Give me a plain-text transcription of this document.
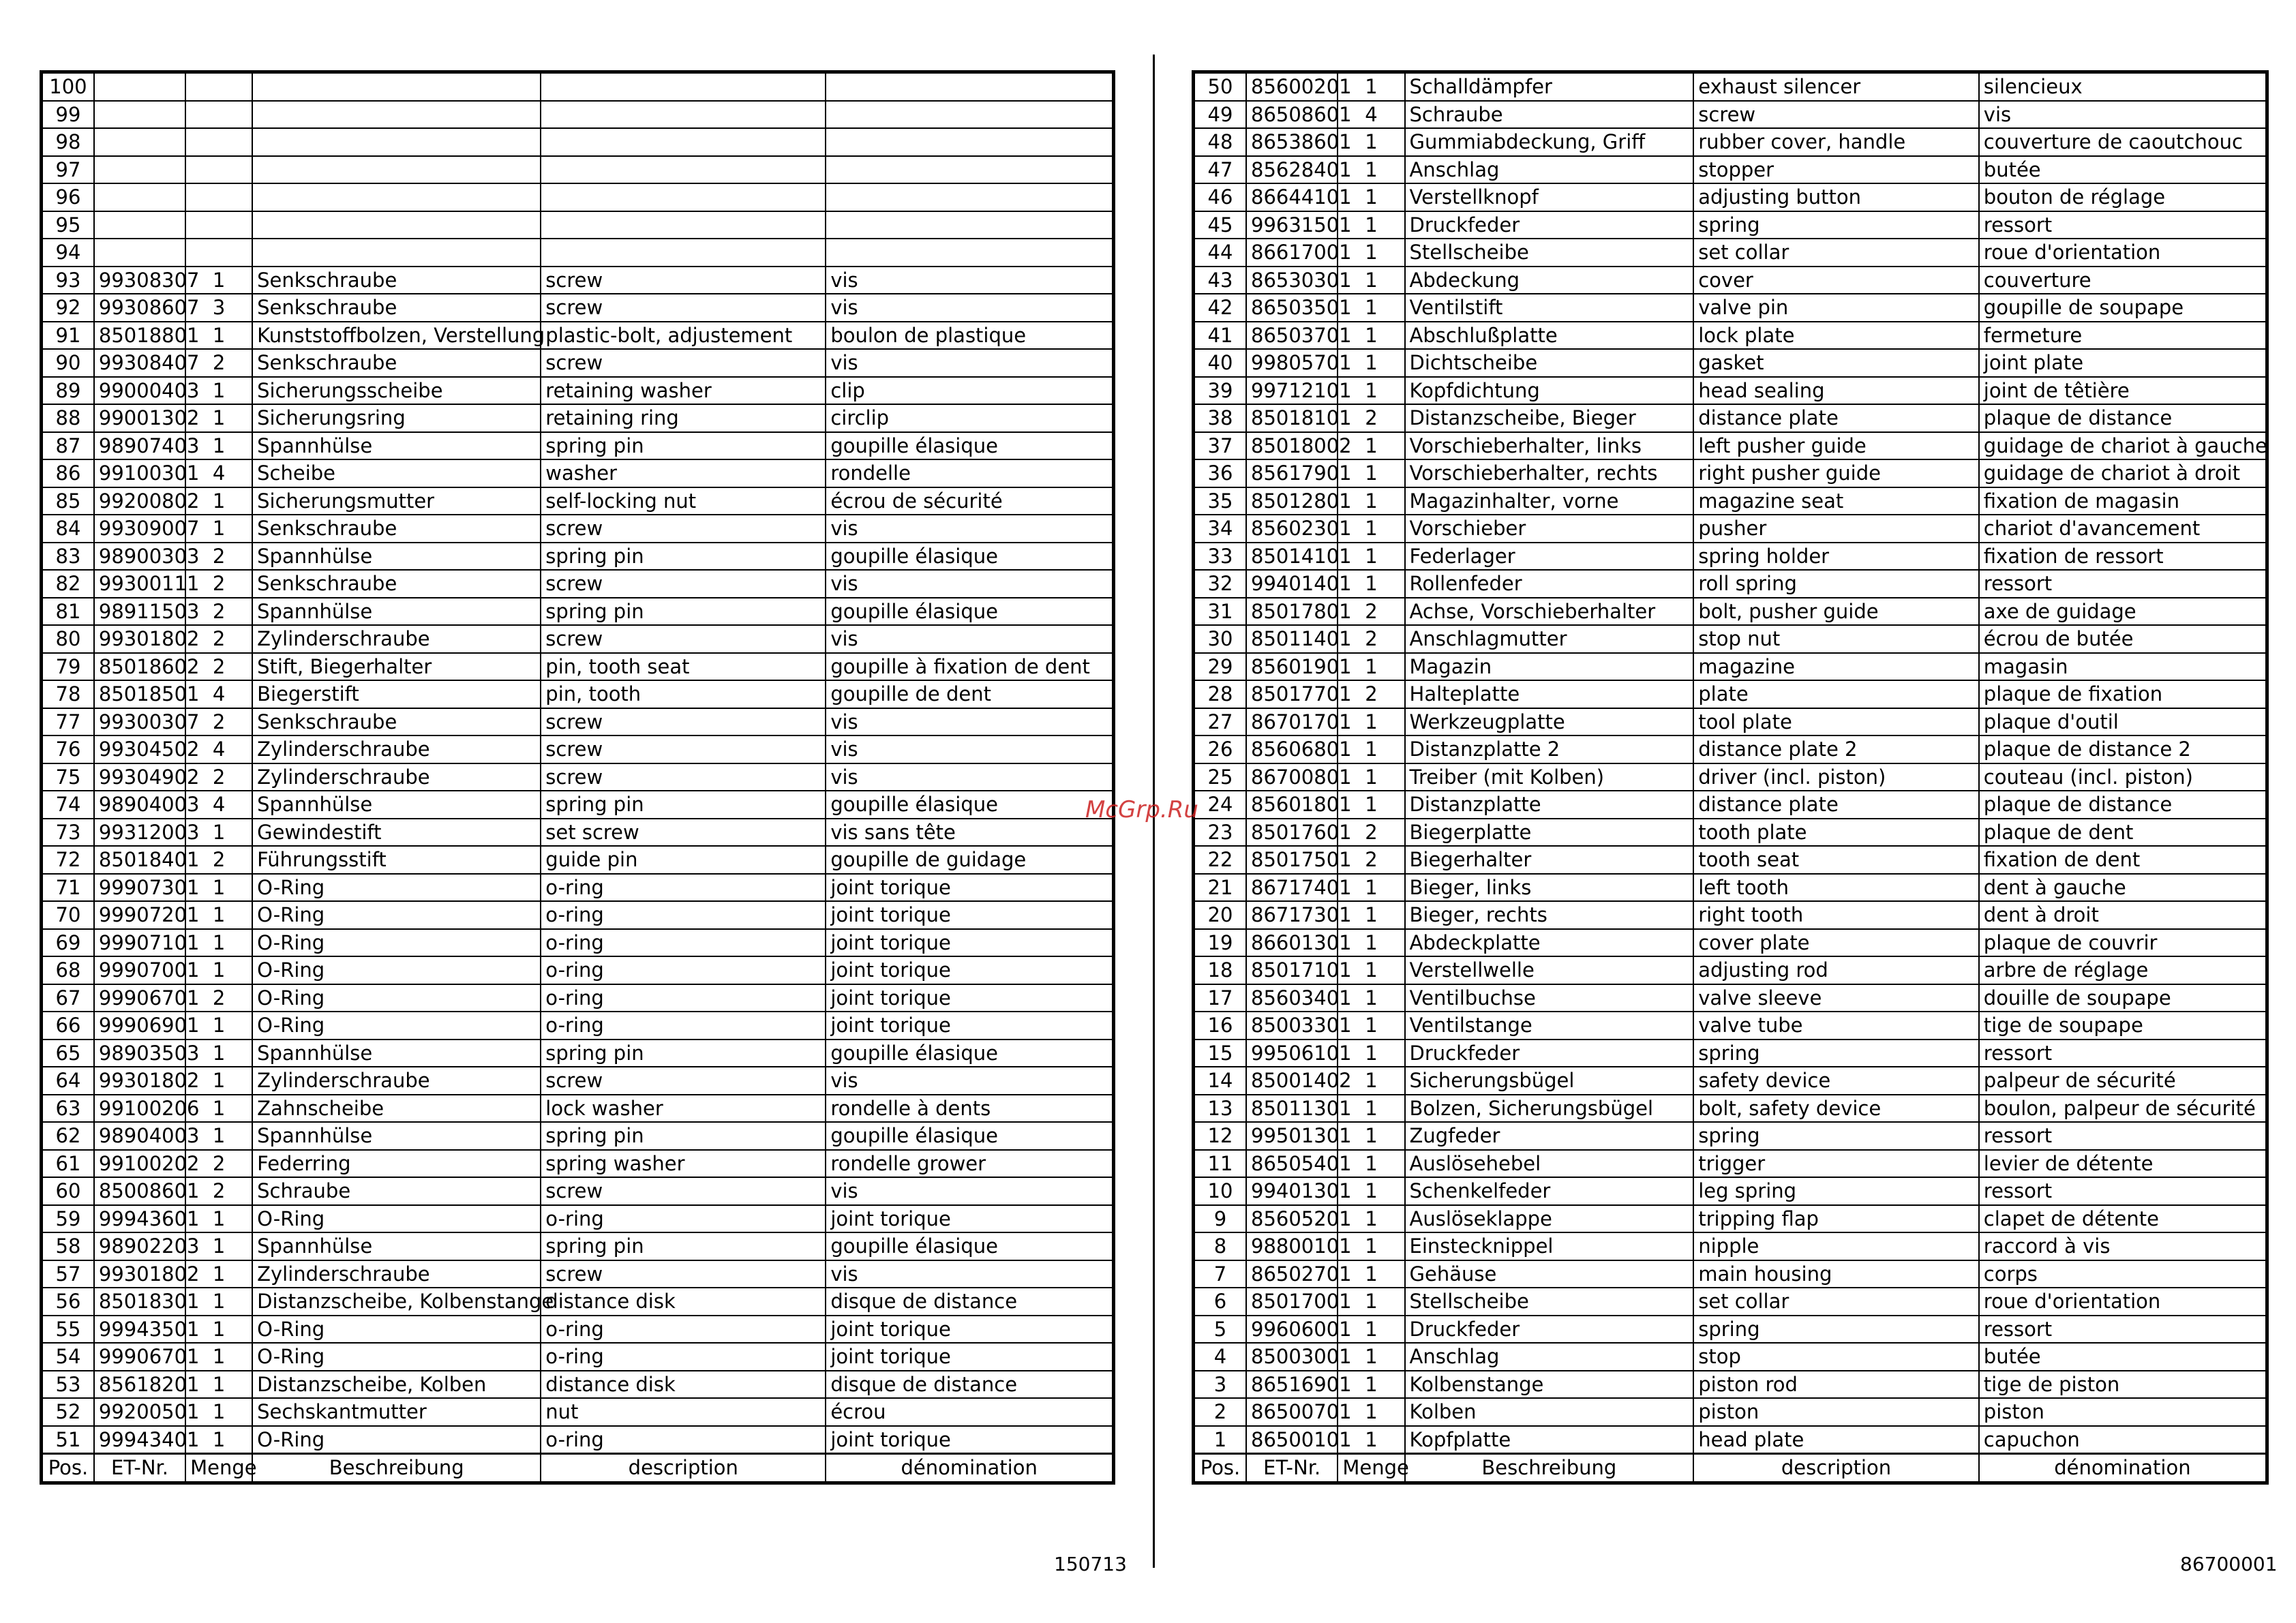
100					
99					
98					
97					
96					
95					
94					
93	99308307	1	Senkschraube	screw	vis
92	99308607	3	Senkschraube	screw	vis
91	85018801	1	Kunststoffbolzen, Verstellung	plastic-bolt, adjustement	boulon de plastique
90	99308407	2	Senkschraube	screw	vis
89	99000403	1	Sicherungsscheibe	retaining washer	clip
88	99001302	1	Sicherungsring	retaining ring	circlip
87	98907403	1	Spannhülse	spring pin	goupille élasique
86	99100301	4	Scheibe	washer	rondelle
85	99200802	1	Sicherungsmutter	self-locking nut	écrou de sécurité
84	99309007	1	Senkschraube	screw	vis
83	98900303	2	Spannhülse	spring pin	goupille élasique
82	99300111	2	Senkschraube	screw	vis
81	98911503	2	Spannhülse	spring pin	goupille élasique
80	99301802	2	Zylinderschraube	screw	vis
79	85018602	2	Stift, Biegerhalter	pin, tooth seat	goupille à fixation de dent
78	85018501	4	Biegerstift	pin, tooth	goupille de dent
77	99300307	2	Senkschraube	screw	vis
76	99304502	4	Zylinderschraube	screw	vis
75	99304902	2	Zylinderschraube	screw	vis
74	98904003	4	Spannhülse	spring pin	goupille élasique
73	99312003	1	Gewindestift	set screw	vis sans tête
72	85018401	2	Führungsstift	guide pin	goupille de guidage
71	99907301	1	O-Ring	o-ring	joint torique
70	99907201	1	O-Ring	o-ring	joint torique
69	99907101	1	O-Ring	o-ring	joint torique
68	99907001	1	O-Ring	o-ring	joint torique
67	99906701	2	O-Ring	o-ring	joint torique
66	99906901	1	O-Ring	o-ring	joint torique
65	98903503	1	Spannhülse	spring pin	goupille élasique
64	99301802	1	Zylinderschraube	screw	vis
63	99100206	1	Zahnscheibe	lock washer	rondelle à dents
62	98904003	1	Spannhülse	spring pin	goupille élasique
61	99100202	2	Federring	spring washer	rondelle grower
60	85008601	2	Schraube	screw	vis
59	99943601	1	O-Ring	o-ring	joint torique
58	98902203	1	Spannhülse	spring pin	goupille élasique
57	99301802	1	Zylinderschraube	screw	vis
56	85018301	1	Distanzscheibe, Kolbenstange	distance disk	disque de distance
55	99943501	1	O-Ring	o-ring	joint torique
54	99906701	1	O-Ring	o-ring	joint torique
53	85618201	1	Distanzscheibe, Kolben	distance disk	disque de distance
52	99200501	1	Sechskantmutter	nut	écrou
51	99943401	1	O-Ring	o-ring	joint torique
Pos.	ET-Nr.	Menge	Beschreibung	description	dénomination
50	85600201	1	Schalldämpfer	exhaust silencer	silencieux
49	86508601	4	Schraube	screw	vis
48	86538601	1	Gummiabdeckung, Griff	rubber cover, handle	couverture de caoutchouc
47	85628401	1	Anschlag	stopper	butée
46	86644101	1	Verstellknopf	adjusting button	bouton de réglage
45	99631501	1	Druckfeder	spring	ressort
44	86617001	1	Stellscheibe	set collar	roue d'orientation
43	86530301	1	Abdeckung	cover	couverture
42	86503501	1	Ventilstift	valve pin	goupille de soupape
41	86503701	1	Abschlußplatte	lock plate	fermeture
40	99805701	1	Dichtscheibe	gasket	joint plate
39	99712101	1	Kopfdichtung	head sealing	joint de têtière
38	85018101	2	Distanzscheibe, Bieger	distance plate	plaque de distance
37	85018002	1	Vorschieberhalter, links	left pusher guide	guidage de chariot à gauche
36	85617901	1	Vorschieberhalter, rechts	right pusher guide	guidage de chariot à droit
35	85012801	1	Magazinhalter, vorne	magazine seat	fixation de magasin
34	85602301	1	Vorschieber	pusher	chariot d'avancement
33	85014101	1	Federlager	spring holder	fixation de ressort
32	99401401	1	Rollenfeder	roll spring	ressort
31	85017801	2	Achse, Vorschieberhalter	bolt, pusher guide	axe de guidage
30	85011401	2	Anschlagmutter	stop nut	écrou de butée
29	85601901	1	Magazin	magazine	magasin
28	85017701	2	Halteplatte	plate	plaque de fixation
27	86701701	1	Werkzeugplatte	tool plate	plaque d'outil
26	85606801	1	Distanzplatte 2	distance plate 2	plaque de distance 2
25	86700801	1	Treiber (mit Kolben)	driver (incl. piston)	couteau (incl. piston)
24	85601801	1	Distanzplatte	distance plate	plaque de distance
23	85017601	2	Biegerplatte	tooth plate	plaque de dent
22	85017501	2	Biegerhalter	tooth seat	fixation de dent
21	86717401	1	Bieger, links	left tooth	dent à gauche
20	86717301	1	Bieger, rechts	right tooth	dent à droit
19	86601301	1	Abdeckplatte	cover plate	plaque de couvrir
18	85017101	1	Verstellwelle	adjusting rod	arbre de réglage
17	85603401	1	Ventilbuchse	valve sleeve	douille de soupape
16	85003301	1	Ventilstange	valve tube	tige de soupape
15	99506101	1	Druckfeder	spring	ressort
14	85001402	1	Sicherungsbügel	safety device	palpeur de sécurité
13	85011301	1	Bolzen, Sicherungsbügel	bolt, safety device	boulon, palpeur de sécurité
12	99501301	1	Zugfeder	spring	ressort
11	86505401	1	Auslösehebel	trigger	levier de détente
10	99401301	1	Schenkelfeder	leg spring	ressort
9	85605201	1	Auslöseklappe	tripping flap	clapet de détente
8	98800101	1	Einstecknippel	nipple	raccord à vis
7	86502701	1	Gehäuse	main housing	corps
6	85017001	1	Stellscheibe	set collar	roue d'orientation
5	99606001	1	Druckfeder	spring	ressort
4	85003001	1	Anschlag	stop	butée
3	86516901	1	Kolbenstange	piston rod	tige de piston
2	86500701	1	Kolben	piston	piston
1	86500101	1	Kopfplatte	head plate	capuchon
Pos.	ET-Nr.	Menge	Beschreibung	description	dénomination
150713	86700001
McGrp.Ru
